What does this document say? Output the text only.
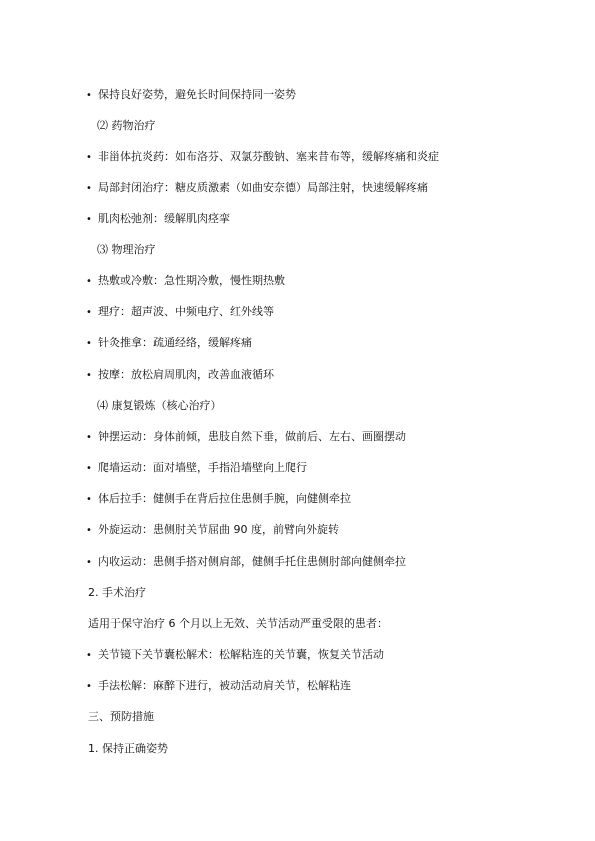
• 保持良好姿势，避免长时间保持同一姿势
⑵ 药物治疗
• 非甾体抗炎药：如布洛芬、双氯芬酸钠、塞来昔布等，缓解疼痛和炎症
• 局部封闭治疗：糖皮质激素（如曲安奈德）局部注射，快速缓解疼痛
• 肌肉松弛剂：缓解肌肉痉挛
⑶ 物理治疗
• 热敷或冷敷：急性期冷敷，慢性期热敷
• 理疗：超声波、中频电疗、红外线等
• 针灸推拿：疏通经络，缓解疼痛
• 按摩：放松肩周肌肉，改善血液循环
⑷ 康复锻炼（核心治疗）
• 钟摆运动：身体前倾，患肢自然下垂，做前后、左右、画圈摆动
• 爬墙运动：面对墙壁，手指沿墙壁向上爬行
• 体后拉手：健侧手在背后拉住患侧手腕，向健侧牵拉
• 外旋运动：患侧肘关节屈曲 90 度，前臂向外旋转
• 内收运动：患侧手搭对侧肩部，健侧手托住患侧肘部向健侧牵拉
2. 手术治疗
适用于保守治疗 6 个月以上无效、关节活动严重受限的患者：
• 关节镜下关节囊松解术：松解粘连的关节囊，恢复关节活动
• 手法松解：麻醉下进行，被动活动肩关节，松解粘连
三、预防措施
1. 保持正确姿势
